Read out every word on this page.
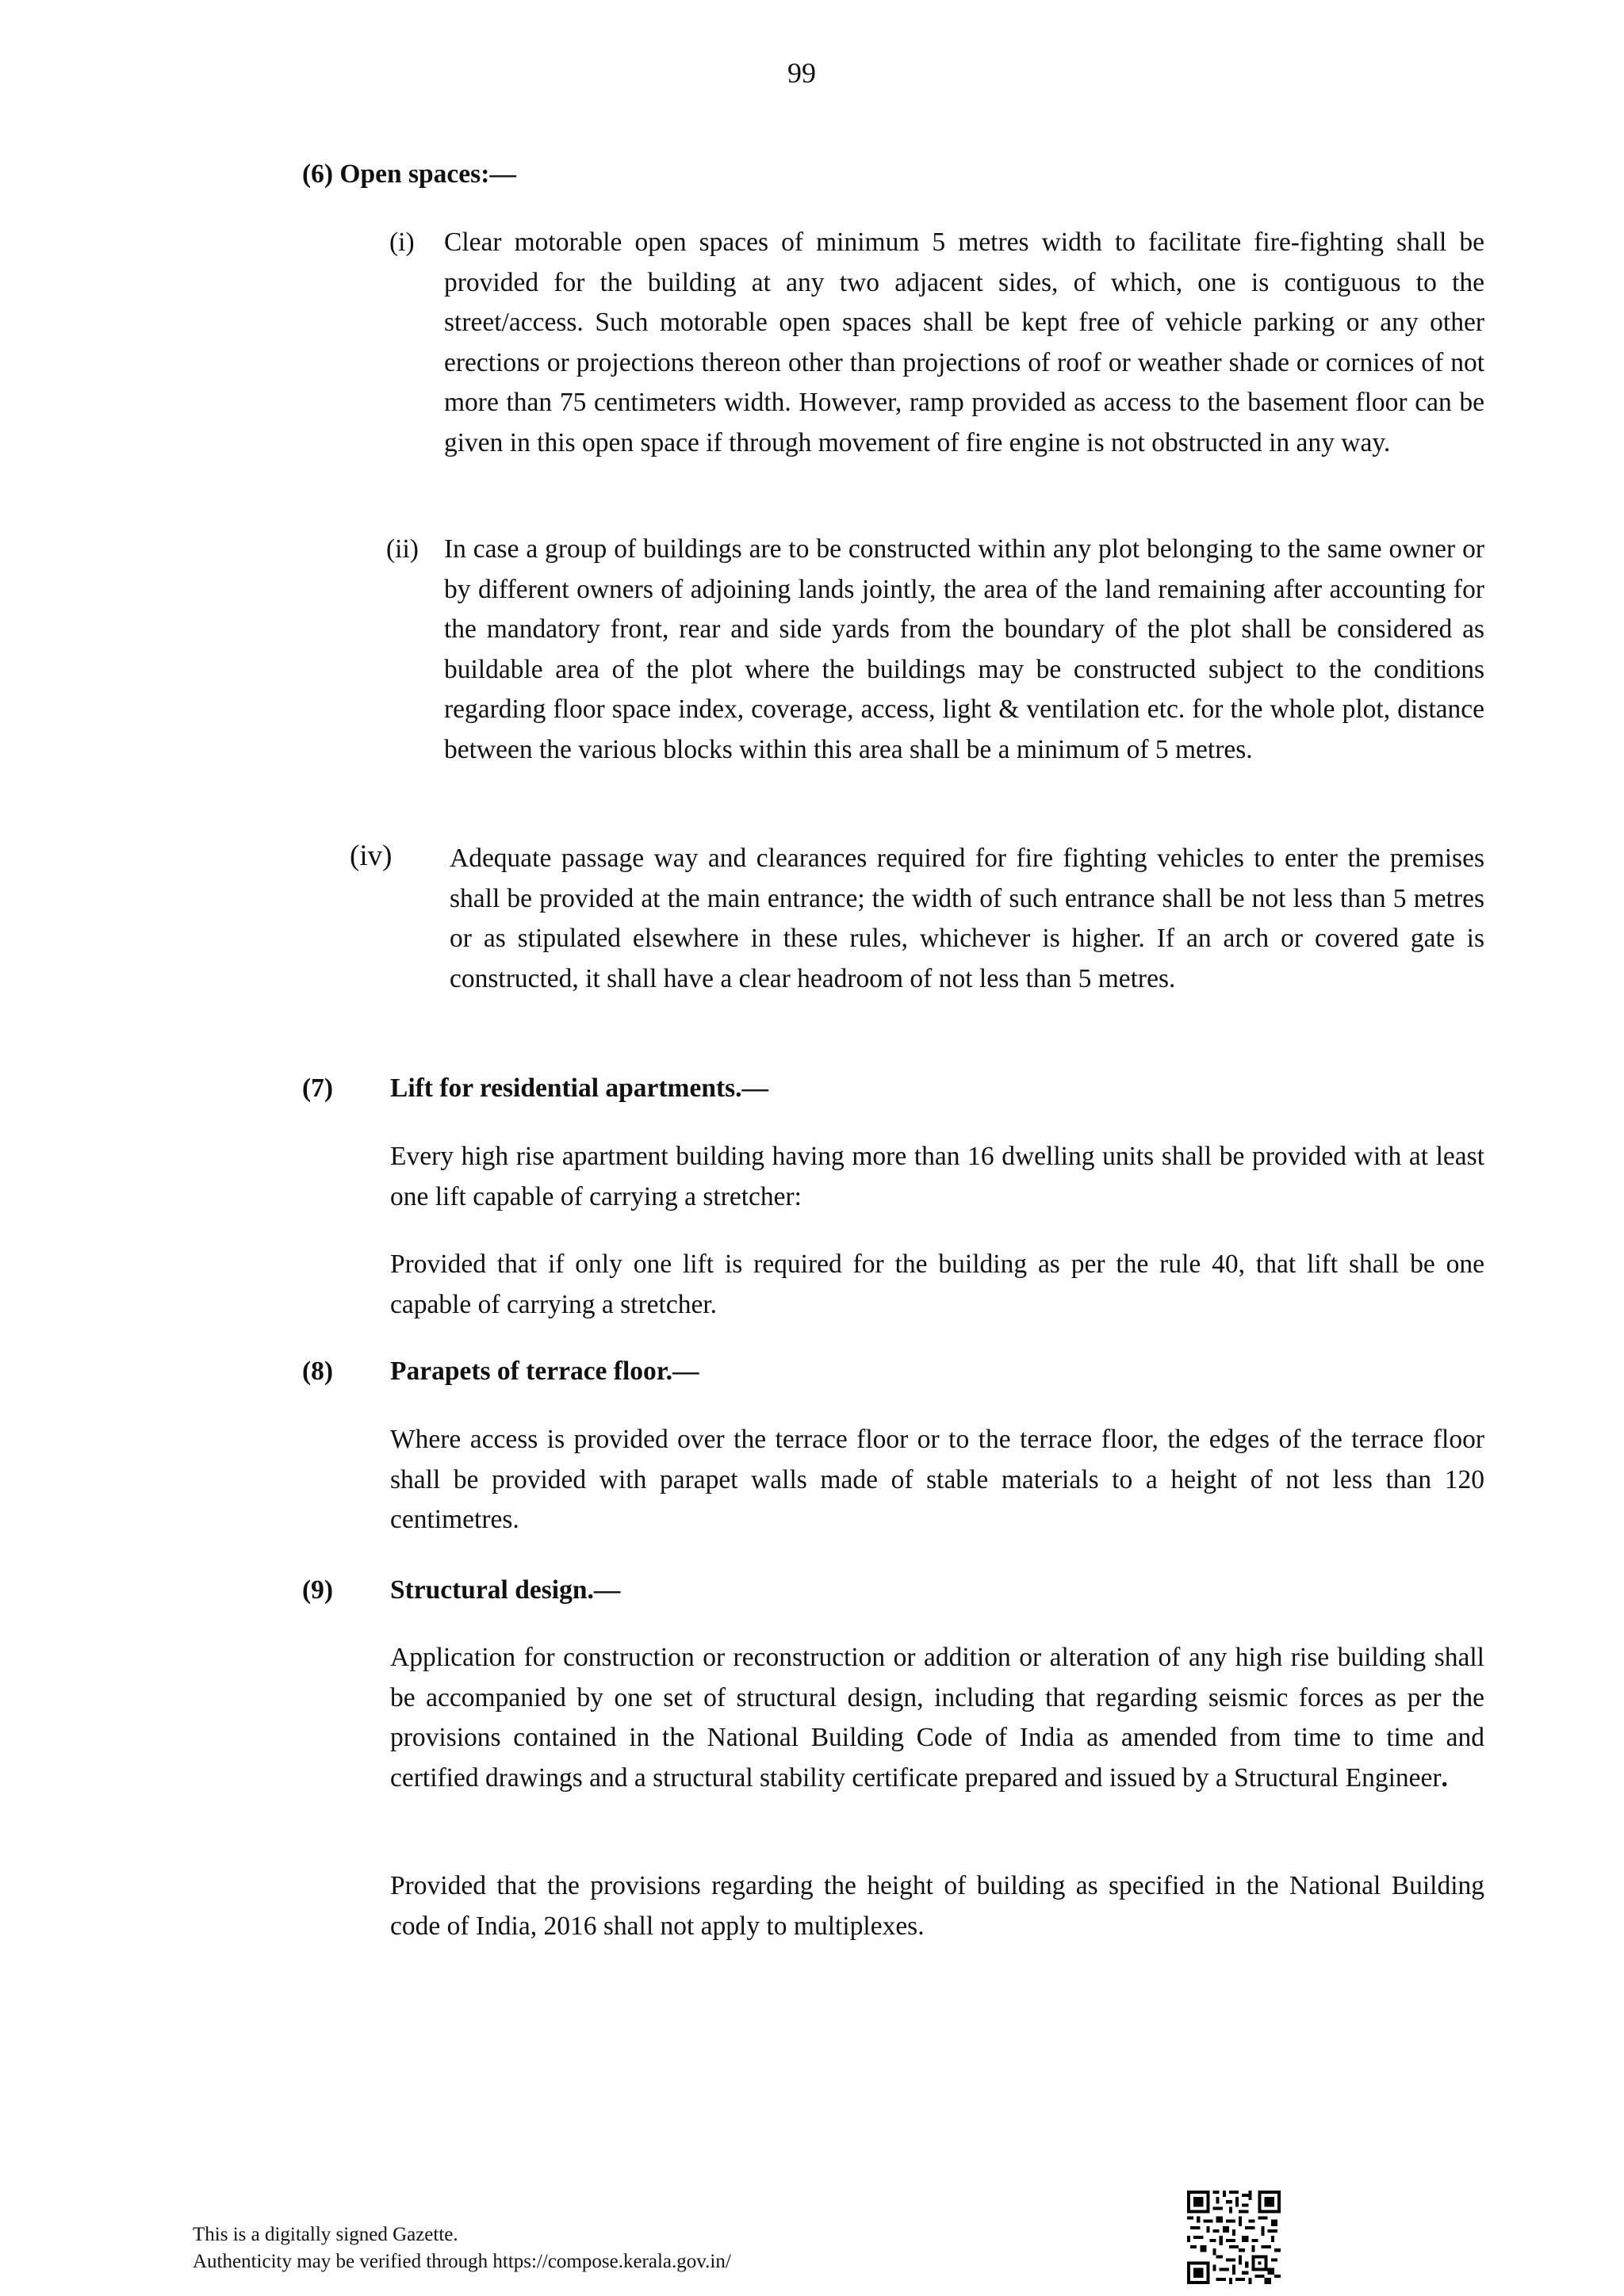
99
(6) Open spaces:—
(i) Clear motorable open spaces of minimum 5 metres width to facilitate fire-fighting shall be provided for the building at any two adjacent sides, of which, one is contiguous to the street/access. Such motorable open spaces shall be kept free of vehicle parking or any other erections or projections thereon other than projections of roof or weather shade or cornices of not more than 75 centimeters width. However, ramp provided as access to the basement floor can be given in this open space if through movement of fire engine is not obstructed in any way.
(ii) In case a group of buildings are to be constructed within any plot belonging to the same owner or by different owners of adjoining lands jointly, the area of the land remaining after accounting for the mandatory front, rear and side yards from the boundary of the plot shall be considered as buildable area of the plot where the buildings may be constructed subject to the conditions regarding floor space index, coverage, access, light & ventilation etc. for the whole plot, distance between the various blocks within this area shall be a minimum of 5 metres.
(iv) Adequate passage way and clearances required for fire fighting vehicles to enter the premises shall be provided at the main entrance; the width of such entrance shall be not less than 5 metres or as stipulated elsewhere in these rules, whichever is higher. If an arch or covered gate is constructed, it shall have a clear headroom of not less than 5 metres.
(7) Lift for residential apartments.—
Every high rise apartment building having more than 16 dwelling units shall be provided with at least one lift capable of carrying a stretcher:
Provided that if only one lift is required for the building as per the rule 40, that lift shall be one capable of carrying a stretcher.
(8) Parapets of terrace floor.—
Where access is provided over the terrace floor or to the terrace floor, the edges of the terrace floor shall be provided with parapet walls made of stable materials to a height of not less than 120 centimetres.
(9) Structural design.—
Application for construction or reconstruction or addition or alteration of any high rise building shall be accompanied by one set of structural design, including that regarding seismic forces as per the provisions contained in the National Building Code of India as amended from time to time and certified drawings and a structural stability certificate prepared and issued by a Structural Engineer.
Provided that the provisions regarding the height of building as specified in the National Building code of India, 2016 shall not apply to multiplexes.
This is a digitally signed Gazette.
Authenticity may be verified through https://compose.kerala.gov.in/
